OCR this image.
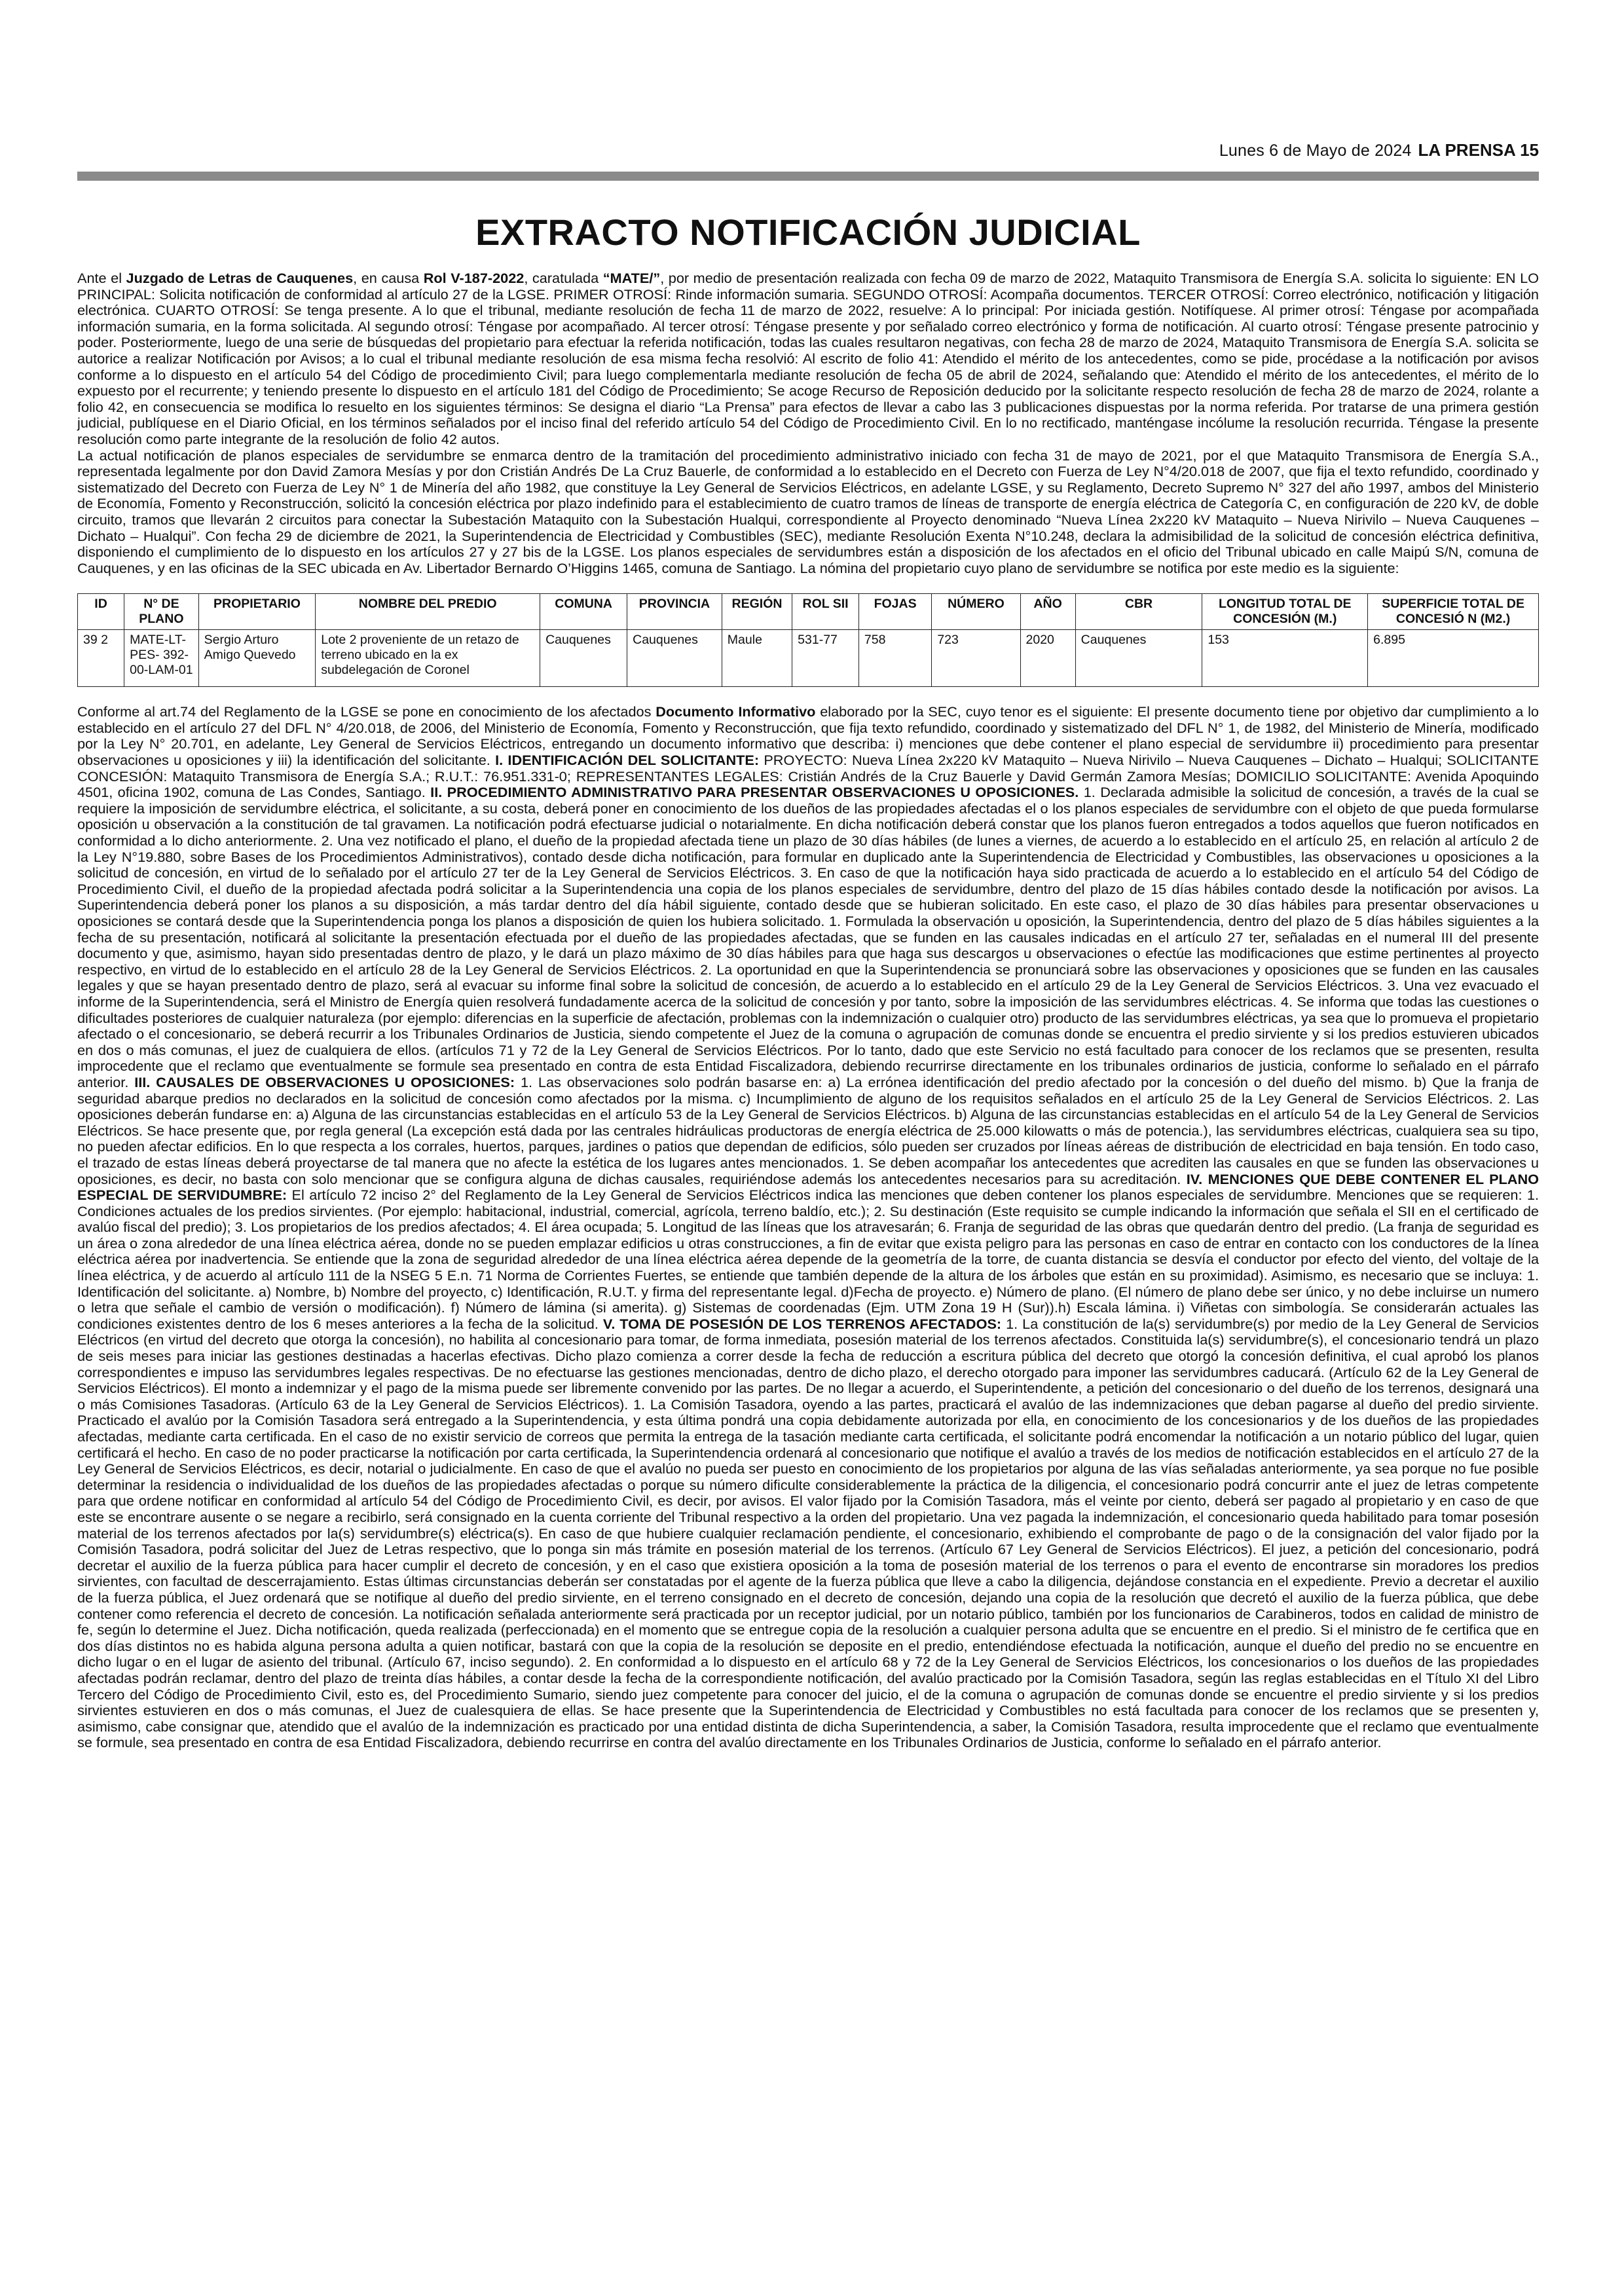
Lunes 6 de Mayo de 2024 LA PRENSA 15
EXTRACTO NOTIFICACIÓN JUDICIAL

Ante el Juzgado de Letras de Cauquenes, en causa Rol V-187-2022, caratulada “MATE/”, por medio de presentación realizada con fecha 09 de marzo de 2022, Mataquito Transmisora de Energía S.A. solicita lo siguiente: EN LO PRINCIPAL: Solicita notificación de conformidad al artículo 27 de la LGSE. PRIMER OTROSÍ: Rinde información sumaria. SEGUNDO OTROSÍ: Acompaña documentos. TERCER OTROSÍ: Correo electrónico, notificación y litigación electrónica. CUARTO OTROSÍ: Se tenga presente. A lo que el tribunal, mediante resolución de fecha 11 de marzo de 2022, resuelve: A lo principal: Por iniciada gestión. Notifíquese. Al primer otrosí: Téngase por acompañada información sumaria, en la forma solicitada. Al segundo otrosí: Téngase por acompañado. Al tercer otrosí: Téngase presente y por señalado correo electrónico y forma de notificación. Al cuarto otrosí: Téngase presente patrocinio y poder. Posteriormente, luego de una serie de búsquedas del propietario para efectuar la referida notificación, todas las cuales resultaron negativas, con fecha 28 de marzo de 2024, Mataquito Transmisora de Energía S.A. solicita se autorice a realizar Notificación por Avisos; a lo cual el tribunal mediante resolución de esa misma fecha resolvió: Al escrito de folio 41: Atendido el mérito de los antecedentes, como se pide, procédase a la notificación por avisos conforme a lo dispuesto en el artículo 54 del Código de procedimiento Civil; para luego complementarla mediante resolución de fecha 05 de abril de 2024, señalando que: Atendido el mérito de los antecedentes, el mérito de lo expuesto por el recurrente; y teniendo presente lo dispuesto en el artículo 181 del Código de Procedimiento; Se acoge Recurso de Reposición deducido por la solicitante respecto resolución de fecha 28 de marzo de 2024, rolante a folio 42, en consecuencia se modifica lo resuelto en los siguientes términos: Se designa el diario “La Prensa” para efectos de llevar a cabo las 3 publicaciones dispuestas por la norma referida. Por tratarse de una primera gestión judicial, publíquese en el Diario Oficial, en los términos señalados por el inciso final del referido artículo 54 del Código de Procedimiento Civil. En lo no rectificado, manténgase incólume la resolución recurrida. Téngase la presente resolución como parte integrante de la resolución de folio 42 autos.

La actual notificación de planos especiales de servidumbre se enmarca dentro de la tramitación del procedimiento administrativo iniciado con fecha 31 de mayo de 2021, por el que Mataquito Transmisora de Energía S.A., representada legalmente por don David Zamora Mesías y por don Cristián Andrés De La Cruz Bauerle, de conformidad a lo establecido en el Decreto con Fuerza de Ley N°4/20.018 de 2007, que fija el texto refundido, coordinado y sistematizado del Decreto con Fuerza de Ley N° 1 de Minería del año 1982, que constituye la Ley General de Servicios Eléctricos, en adelante LGSE, y su Reglamento, Decreto Supremo N° 327 del año 1997, ambos del Ministerio de Economía, Fomento y Reconstrucción, solicitó la concesión eléctrica por plazo indefinido para el establecimiento de cuatro tramos de líneas de transporte de energía eléctrica de Categoría C, en configuración de 220 kV, de doble circuito, tramos que llevarán 2 circuitos para conectar la Subestación Mataquito con la Subestación Hualqui, correspondiente al Proyecto denominado “Nueva Línea 2x220 kV Mataquito – Nueva Nirivilo – Nueva Cauquenes – Dichato – Hualqui”. Con fecha 29 de diciembre de 2021, la Superintendencia de Electricidad y Combustibles (SEC), mediante Resolución Exenta N°10.248, declara la admisibilidad de la solicitud de concesión eléctrica definitiva, disponiendo el cumplimiento de lo dispuesto en los artículos 27 y 27 bis de la LGSE. Los planos especiales de servidumbres están a disposición de los afectados en el oficio del Tribunal ubicado en calle Maipú S/N, comuna de Cauquenes, y en las oficinas de la SEC ubicada en Av. Libertador Bernardo O’Higgins 1465, comuna de Santiago. La nómina del propietario cuyo plano de servidumbre se notifica por este medio es la siguiente:

ID	N° DE PLANO	PROPIETARIO	NOMBRE DEL PREDIO	COMUNA	PROVINCIA	REGIÓN	ROL SII	FOJAS	NÚMERO	AÑO	CBR	LONGITUD TOTAL DE CONCESIÓN (M.)	SUPERFICIE TOTAL DE CONCESIÓ N (M2.)
39 2	MATE-LT-PES- 392-00-LAM-01	Sergio Arturo Amigo Quevedo	Lote 2 proveniente de un retazo de terreno ubicado en la ex subdelegación de Coronel	Cauquenes	Cauquenes	Maule	531-77	758	723	2020	Cauquenes	153	6.895

Conforme al art.74 del Reglamento de la LGSE se pone en conocimiento de los afectados Documento Informativo elaborado por la SEC, cuyo tenor es el siguiente: El presente documento tiene por objetivo dar cumplimiento a lo establecido en el artículo 27 del DFL N° 4/20.018, de 2006, del Ministerio de Economía, Fomento y Reconstrucción, que fija texto refundido, coordinado y sistematizado del DFL N° 1, de 1982, del Ministerio de Minería, modificado por la Ley N° 20.701, en adelante, Ley General de Servicios Eléctricos, entregando un documento informativo que describa: i) menciones que debe contener el plano especial de servidumbre ii) procedimiento para presentar observaciones u oposiciones y iii) la identificación del solicitante. I. IDENTIFICACIÓN DEL SOLICITANTE: PROYECTO: Nueva Línea 2x220 kV Mataquito – Nueva Nirivilo – Nueva Cauquenes – Dichato – Hualqui; SOLICITANTE CONCESIÓN: Mataquito Transmisora de Energía S.A.; R.U.T.: 76.951.331-0; REPRESENTANTES LEGALES: Cristián Andrés de la Cruz Bauerle y David Germán Zamora Mesías; DOMICILIO SOLICITANTE: Avenida Apoquindo 4501, oficina 1902, comuna de Las Condes, Santiago. II. PROCEDIMIENTO ADMINISTRATIVO PARA PRESENTAR OBSERVACIONES U OPOSICIONES. 1. Declarada admisible la solicitud de concesión, a través de la cual se requiere la imposición de servidumbre eléctrica, el solicitante, a su costa, deberá poner en conocimiento de los dueños de las propiedades afectadas el o los planos especiales de servidumbre con el objeto de que pueda formularse oposición u observación a la constitución de tal gravamen. La notificación podrá efectuarse judicial o notarialmente. En dicha notificación deberá constar que los planos fueron entregados a todos aquellos que fueron notificados en conformidad a lo dicho anteriormente. 2. Una vez notificado el plano, el dueño de la propiedad afectada tiene un plazo de 30 días hábiles (de lunes a viernes, de acuerdo a lo establecido en el artículo 25, en relación al artículo 2 de la Ley N°19.880, sobre Bases de los Procedimientos Administrativos), contado desde dicha notificación, para formular en duplicado ante la Superintendencia de Electricidad y Combustibles, las observaciones u oposiciones a la solicitud de concesión, en virtud de lo señalado por el artículo 27 ter de la Ley General de Servicios Eléctricos. 3. En caso de que la notificación haya sido practicada de acuerdo a lo establecido en el artículo 54 del Código de Procedimiento Civil, el dueño de la propiedad afectada podrá solicitar a la Superintendencia una copia de los planos especiales de servidumbre, dentro del plazo de 15 días hábiles contado desde la notificación por avisos. La Superintendencia deberá poner los planos a su disposición, a más tardar dentro del día hábil siguiente, contado desde que se hubieran solicitado. En este caso, el plazo de 30 días hábiles para presentar observaciones u oposiciones se contará desde que la Superintendencia ponga los planos a disposición de quien los hubiera solicitado. 1. Formulada la observación u oposición, la Superintendencia, dentro del plazo de 5 días hábiles siguientes a la fecha de su presentación, notificará al solicitante la presentación efectuada por el dueño de las propiedades afectadas, que se funden en las causales indicadas en el artículo 27 ter, señaladas en el numeral III del presente documento y que, asimismo, hayan sido presentadas dentro de plazo, y le dará un plazo máximo de 30 días hábiles para que haga sus descargos u observaciones o efectúe las modificaciones que estime pertinentes al proyecto respectivo, en virtud de lo establecido en el artículo 28 de la Ley General de Servicios Eléctricos. 2. La oportunidad en que la Superintendencia se pronunciará sobre las observaciones y oposiciones que se funden en las causales legales y que se hayan presentado dentro de plazo, será al evacuar su informe final sobre la solicitud de concesión, de acuerdo a lo establecido en el artículo 29 de la Ley General de Servicios Eléctricos. 3. Una vez evacuado el informe de la Superintendencia, será el Ministro de Energía quien resolverá fundadamente acerca de la solicitud de concesión y por tanto, sobre la imposición de las servidumbres eléctricas. 4. Se informa que todas las cuestiones o dificultades posteriores de cualquier naturaleza (por ejemplo: diferencias en la superficie de afectación, problemas con la indemnización o cualquier otro) producto de las servidumbres eléctricas, ya sea que lo promueva el propietario afectado o el concesionario, se deberá recurrir a los Tribunales Ordinarios de Justicia, siendo competente el Juez de la comuna o agrupación de comunas donde se encuentra el predio sirviente y si los predios estuvieren ubicados en dos o más comunas, el juez de cualquiera de ellos. (artículos 71 y 72 de la Ley General de Servicios Eléctricos. Por lo tanto, dado que este Servicio no está facultado para conocer de los reclamos que se presenten, resulta improcedente que el reclamo que eventualmente se formule sea presentado en contra de esta Entidad Fiscalizadora, debiendo recurrirse directamente en los tribunales ordinarios de justicia, conforme lo señalado en el párrafo anterior. III. CAUSALES DE OBSERVACIONES U OPOSICIONES: 1. Las observaciones solo podrán basarse en: a) La errónea identificación del predio afectado por la concesión o del dueño del mismo. b) Que la franja de seguridad abarque predios no declarados en la solicitud de concesión como afectados por la misma. c) Incumplimiento de alguno de los requisitos señalados en el artículo 25 de la Ley General de Servicios Eléctricos. 2. Las oposiciones deberán fundarse en: a) Alguna de las circunstancias establecidas en el artículo 53 de la Ley General de Servicios Eléctricos. b) Alguna de las circunstancias establecidas en el artículo 54 de la Ley General de Servicios Eléctricos. Se hace presente que, por regla general (La excepción está dada por las centrales hidráulicas productoras de energía eléctrica de 25.000 kilowatts o más de potencia.), las servidumbres eléctricas, cualquiera sea su tipo, no pueden afectar edificios. En lo que respecta a los corrales, huertos, parques, jardines o patios que dependan de edificios, sólo pueden ser cruzados por líneas aéreas de distribución de electricidad en baja tensión. En todo caso, el trazado de estas líneas deberá proyectarse de tal manera que no afecte la estética de los lugares antes mencionados. 1. Se deben acompañar los antecedentes que acrediten las causales en que se funden las observaciones u oposiciones, es decir, no basta con solo mencionar que se configura alguna de dichas causales, requiriéndose además los antecedentes necesarios para su acreditación. IV. MENCIONES QUE DEBE CONTENER EL PLANO ESPECIAL DE SERVIDUMBRE: El artículo 72 inciso 2° del Reglamento de la Ley General de Servicios Eléctricos indica las menciones que deben contener los planos especiales de servidumbre. Menciones que se requieren: 1. Condiciones actuales de los predios sirvientes. (Por ejemplo: habitacional, industrial, comercial, agrícola, terreno baldío, etc.); 2. Su destinación (Este requisito se cumple indicando la información que señala el SII en el certificado de avalúo fiscal del predio); 3. Los propietarios de los predios afectados; 4. El área ocupada; 5. Longitud de las líneas que los atravesarán; 6. Franja de seguridad de las obras que quedarán dentro del predio. (La franja de seguridad es un área o zona alrededor de una línea eléctrica aérea, donde no se pueden emplazar edificios u otras construcciones, a fin de evitar que exista peligro para las personas en caso de entrar en contacto con los conductores de la línea eléctrica aérea por inadvertencia. Se entiende que la zona de seguridad alrededor de una línea eléctrica aérea depende de la geometría de la torre, de cuanta distancia se desvía el conductor por efecto del viento, del voltaje de la línea eléctrica, y de acuerdo al artículo 111 de la NSEG 5 E.n. 71 Norma de Corrientes Fuertes, se entiende que también depende de la altura de los árboles que están en su proximidad). Asimismo, es necesario que se incluya: 1. Identificación del solicitante. a) Nombre, b) Nombre del proyecto, c) Identificación, R.U.T. y firma del representante legal. d)Fecha de proyecto. e) Número de plano. (El número de plano debe ser único, y no debe incluirse un numero o letra que señale el cambio de versión o modificación). f) Número de lámina (si amerita). g) Sistemas de coordenadas (Ejm. UTM Zona 19 H (Sur)).h) Escala lámina. i) Viñetas con simbología. Se considerarán actuales las condiciones existentes dentro de los 6 meses anteriores a la fecha de la solicitud. V. TOMA DE POSESIÓN DE LOS TERRENOS AFECTADOS: 1. La constitución de la(s) servidumbre(s) por medio de la Ley General de Servicios Eléctricos (en virtud del decreto que otorga la concesión), no habilita al concesionario para tomar, de forma inmediata, posesión material de los terrenos afectados. Constituida la(s) servidumbre(s), el concesionario tendrá un plazo de seis meses para iniciar las gestiones destinadas a hacerlas efectivas. Dicho plazo comienza a correr desde la fecha de reducción a escritura pública del decreto que otorgó la concesión definitiva, el cual aprobó los planos correspondientes e impuso las servidumbres legales respectivas. De no efectuarse las gestiones mencionadas, dentro de dicho plazo, el derecho otorgado para imponer las servidumbres caducará. (Artículo 62 de la Ley General de Servicios Eléctricos). El monto a indemnizar y el pago de la misma puede ser libremente convenido por las partes. De no llegar a acuerdo, el Superintendente, a petición del concesionario o del dueño de los terrenos, designará una o más Comisiones Tasadoras. (Artículo 63 de la Ley General de Servicios Eléctricos). 1. La Comisión Tasadora, oyendo a las partes, practicará el avalúo de las indemnizaciones que deban pagarse al dueño del predio sirviente. Practicado el avalúo por la Comisión Tasadora será entregado a la Superintendencia, y esta última pondrá una copia debidamente autorizada por ella, en conocimiento de los concesionarios y de los dueños de las propiedades afectadas, mediante carta certificada. En el caso de no existir servicio de correos que permita la entrega de la tasación mediante carta certificada, el solicitante podrá encomendar la notificación a un notario público del lugar, quien certificará el hecho. En caso de no poder practicarse la notificación por carta certificada, la Superintendencia ordenará al concesionario que notifique el avalúo a través de los medios de notificación establecidos en el artículo 27 de la Ley General de Servicios Eléctricos, es decir, notarial o judicialmente. En caso de que el avalúo no pueda ser puesto en conocimiento de los propietarios por alguna de las vías señaladas anteriormente, ya sea porque no fue posible determinar la residencia o individualidad de los dueños de las propiedades afectadas o porque su número dificulte considerablemente la práctica de la diligencia, el concesionario podrá concurrir ante el juez de letras competente para que ordene notificar en conformidad al artículo 54 del Código de Procedimiento Civil, es decir, por avisos. El valor fijado por la Comisión Tasadora, más el veinte por ciento, deberá ser pagado al propietario y en caso de que este se encontrare ausente o se negare a recibirlo, será consignado en la cuenta corriente del Tribunal respectivo a la orden del propietario. Una vez pagada la indemnización, el concesionario queda habilitado para tomar posesión material de los terrenos afectados por la(s) servidumbre(s) eléctrica(s). En caso de que hubiere cualquier reclamación pendiente, el concesionario, exhibiendo el comprobante de pago o de la consignación del valor fijado por la Comisión Tasadora, podrá solicitar del Juez de Letras respectivo, que lo ponga sin más trámite en posesión material de los terrenos. (Artículo 67 Ley General de Servicios Eléctricos). El juez, a petición del concesionario, podrá decretar el auxilio de la fuerza pública para hacer cumplir el decreto de concesión, y en el caso que existiera oposición a la toma de posesión material de los terrenos o para el evento de encontrarse sin moradores los predios sirvientes, con facultad de descerrajamiento. Estas últimas circunstancias deberán ser constatadas por el agente de la fuerza pública que lleve a cabo la diligencia, dejándose constancia en el expediente. Previo a decretar el auxilio de la fuerza pública, el Juez ordenará que se notifique al dueño del predio sirviente, en el terreno consignado en el decreto de concesión, dejando una copia de la resolución que decretó el auxilio de la fuerza pública, que debe contener como referencia el decreto de concesión. La notificación señalada anteriormente será practicada por un receptor judicial, por un notario público, también por los funcionarios de Carabineros, todos en calidad de ministro de fe, según lo determine el Juez. Dicha notificación, queda realizada (perfeccionada) en el momento que se entregue copia de la resolución a cualquier persona adulta que se encuentre en el predio. Si el ministro de fe certifica que en dos días distintos no es habida alguna persona adulta a quien notificar, bastará con que la copia de la resolución se deposite en el predio, entendiéndose efectuada la notificación, aunque el dueño del predio no se encuentre en dicho lugar o en el lugar de asiento del tribunal. (Artículo 67, inciso segundo). 2. En conformidad a lo dispuesto en el artículo 68 y 72 de la Ley General de Servicios Eléctricos, los concesionarios o los dueños de las propiedades afectadas podrán reclamar, dentro del plazo de treinta días hábiles, a contar desde la fecha de la correspondiente notificación, del avalúo practicado por la Comisión Tasadora, según las reglas establecidas en el Título XI del Libro Tercero del Código de Procedimiento Civil, esto es, del Procedimiento Sumario, siendo juez competente para conocer del juicio, el de la comuna o agrupación de comunas donde se encuentre el predio sirviente y si los predios sirvientes estuvieren en dos o más comunas, el Juez de cualesquiera de ellas. Se hace presente que la Superintendencia de Electricidad y Combustibles no está facultada para conocer de los reclamos que se presenten y, asimismo, cabe consignar que, atendido que el avalúo de la indemnización es practicado por una entidad distinta de dicha Superintendencia, a saber, la Comisión Tasadora, resulta improcedente que el reclamo que eventualmente se formule, sea presentado en contra de esa Entidad Fiscalizadora, debiendo recurrirse en contra del avalúo directamente en los Tribunales Ordinarios de Justicia, conforme lo señalado en el párrafo anterior.
